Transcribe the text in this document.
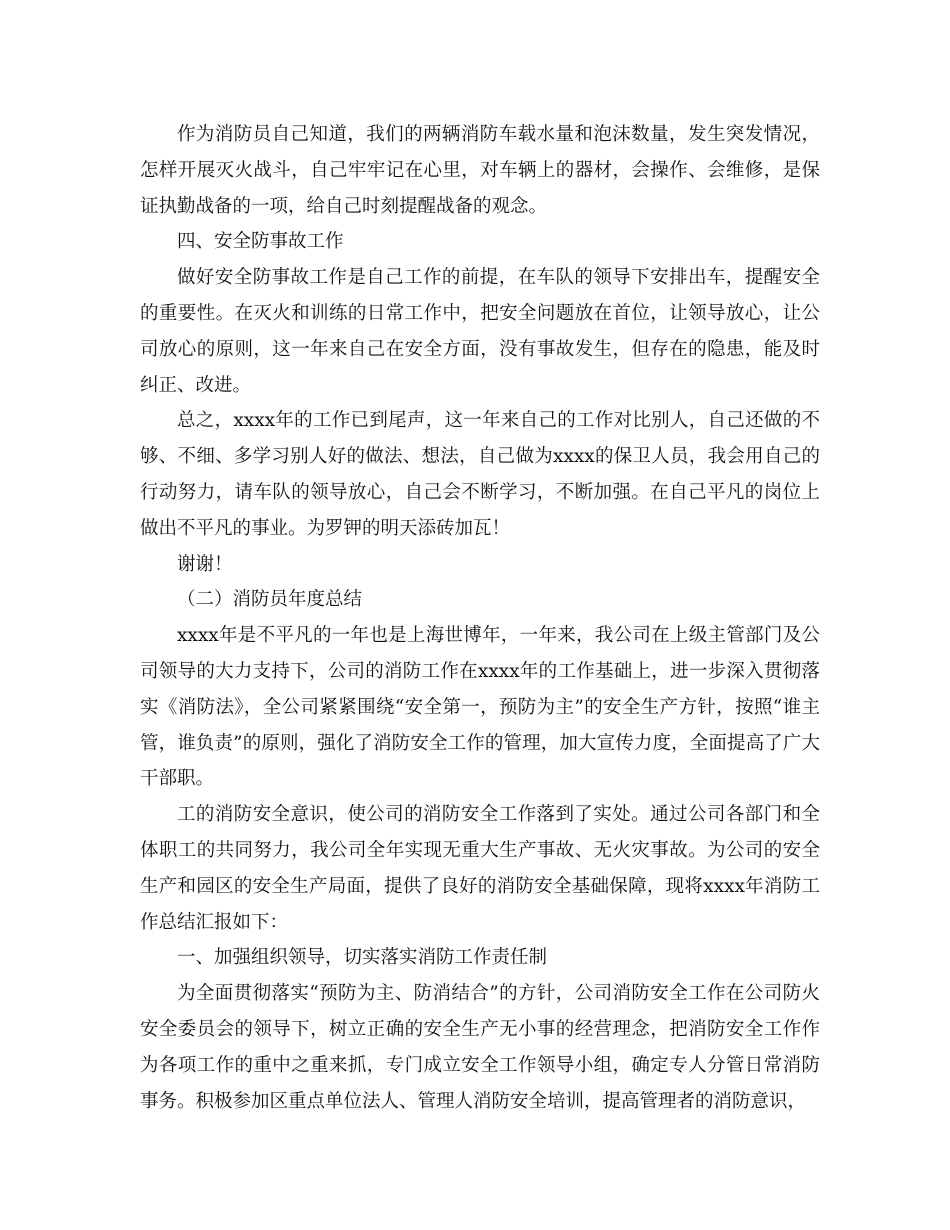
作为消防员自己知道，我们的两辆消防车载水量和泡沫数量，发生突发情况，怎样开展灭火战斗，自己牢牢记在心里，对车辆上的器材，会操作、会维修，是保证执勤战备的一项，给自己时刻提醒战备的观念。

四、安全防事故工作

做好安全防事故工作是自己工作的前提，在车队的领导下安排出车，提醒安全的重要性。在灭火和训练的日常工作中，把安全问题放在首位，让领导放心，让公司放心的原则，这一年来自己在安全方面，没有事故发生，但存在的隐患，能及时纠正、改进。

总之，xxxx年的工作已到尾声，这一年来自己的工作对比别人，自己还做的不够、不细、多学习别人好的做法、想法，自己做为xxxx的保卫人员，我会用自己的行动努力，请车队的领导放心，自己会不断学习，不断加强。在自己平凡的岗位上做出不平凡的事业。为罗钾的明天添砖加瓦！

谢谢！

（二）消防员年度总结

xxxx年是不平凡的一年也是上海世博年，一年来，我公司在上级主管部门及公司领导的大力支持下，公司的消防工作在xxxx年的工作基础上，进一步深入贯彻落实《消防法》，全公司紧紧围绕“安全第一，预防为主”的安全生产方针，按照“谁主管，谁负责”的原则，强化了消防安全工作的管理，加大宣传力度，全面提高了广大干部职。

工的消防安全意识，使公司的消防安全工作落到了实处。通过公司各部门和全体职工的共同努力，我公司全年实现无重大生产事故、无火灾事故。为公司的安全生产和园区的安全生产局面，提供了良好的消防安全基础保障，现将xxxx年消防工作总结汇报如下：

一、加强组织领导，切实落实消防工作责任制

为全面贯彻落实“预防为主、防消结合”的方针，公司消防安全工作在公司防火安全委员会的领导下，树立正确的安全生产无小事的经营理念，把消防安全工作作为各项工作的重中之重来抓，专门成立安全工作领导小组，确定专人分管日常消防事务。积极参加区重点单位法人、管理人消防安全培训，提高管理者的消防意识，
